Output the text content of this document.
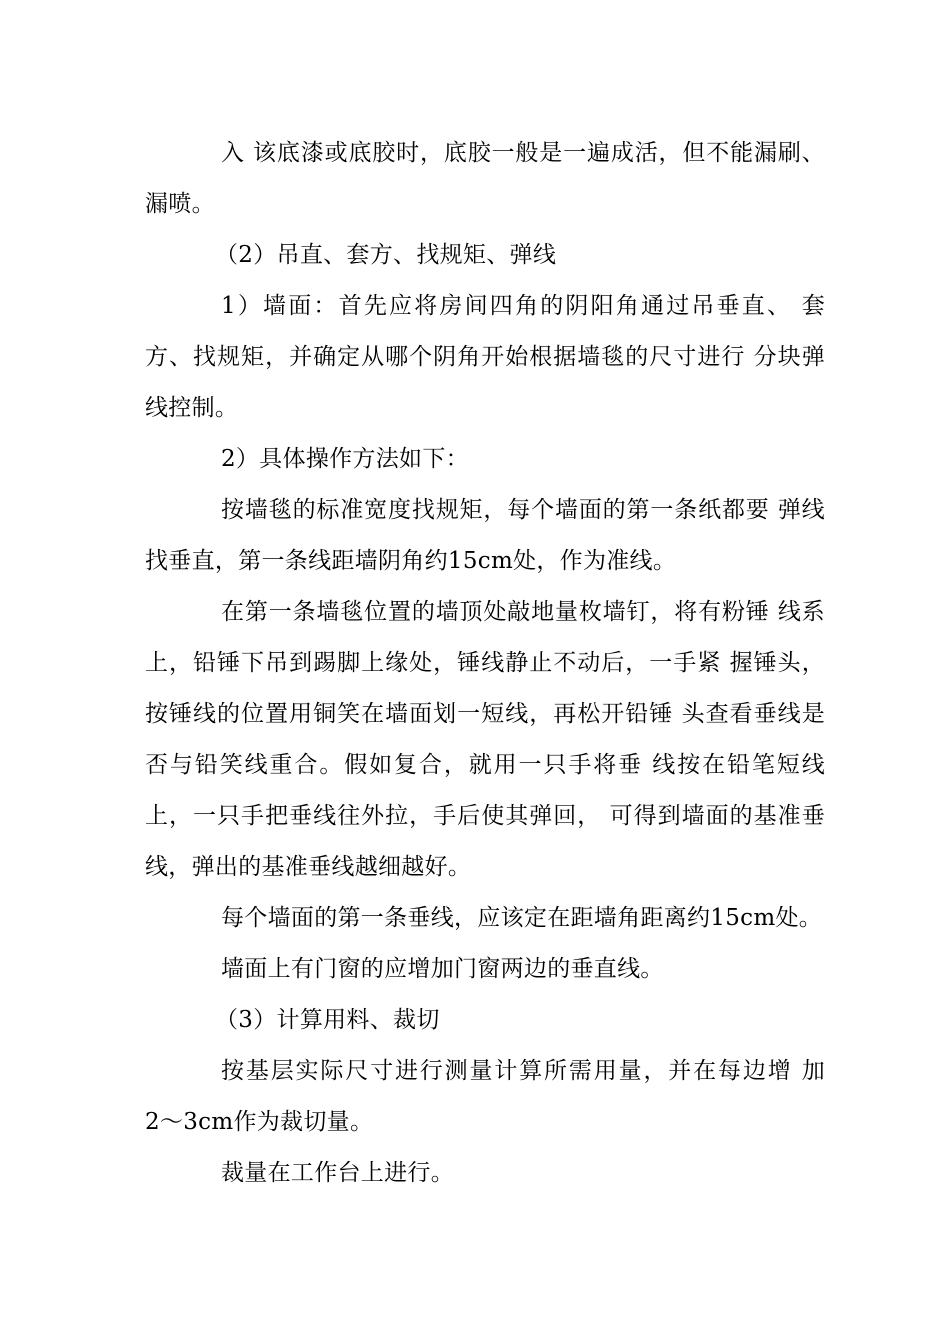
入 该底漆或底胶时，底胶一般是一遍成活，但不能漏刷、漏喷。

（2）吊直、套方、找规矩、弹线

1）墙面：首先应将房间四角的阴阳角通过吊垂直、 套方、找规矩，并确定从哪个阴角开始根据墙毯的尺寸进行 分块弹线控制。

2）具体操作方法如下：

按墙毯的标准宽度找规矩，每个墙面的第一条纸都要 弹线找垂直，第一条线距墙阴角约15cm处，作为准线。

在第一条墙毯位置的墙顶处敲地量枚墙钉，将有粉锤 线系上，铅锤下吊到踢脚上缘处，锤线静止不动后，一手紧 握锤头，按锤线的位置用铜笑在墙面划一短线，再松开铅锤 头查看垂线是否与铅笑线重合。假如复合，就用一只手将垂 线按在铅笔短线上，一只手把垂线往外拉，手后使其弹回， 可得到墙面的基准垂线，弹出的基准垂线越细越好。

每个墙面的第一条垂线，应该定在距墙角距离约15cm处。

墙面上有门窗的应增加门窗两边的垂直线。

（3）计算用料、裁切

按基层实际尺寸进行测量计算所需用量，并在每边增 加2〜3cm作为裁切量。

裁量在工作台上进行。
